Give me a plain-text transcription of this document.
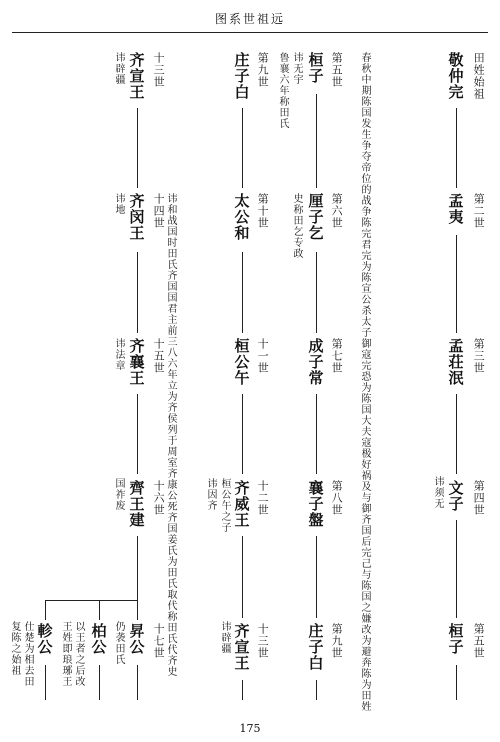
图系世祖远
田姓始祖
敬仲完
春秋中期陈国发生争夺帝位的战争陈完君完为陈宣公杀太子御寇完恐为陈国大夫寇极好祸及与御齐国后完己与陈国之嫌改为避奔陈为田姓
第二世
孟夷
第三世
孟荘泯
第四世
文子
讳须无
第五世
桓子
第五世
桓子
讳无宇
鲁襄六年称田氏
第六世
厘子乞
史称田乞专政
第七世
成子常
第八世
襄子盤
第九世
庄子白
第九世
庄子白
第十世
太公和
讳和战国时田氏齐国国君主前三八六年立为齐侯列于周室齐康公死齐国姜氏为田氏取代称田氏代齐史
十一世
桓公午
十二世
齐威王
桓公午之子
讳因齐
十三世
齐宣王
讳辟疆
十三世
齐宣王
讳辟疆
十四世
齐闵王
讳地
十五世
齐襄王
讳法章
十六世
齊王建
国祚废
十七世
昇公
仍袭田氏
柏公
以王者之后改
王姓即琅琊王
軫公
仕楚为相去田
复陈之始祖
175
